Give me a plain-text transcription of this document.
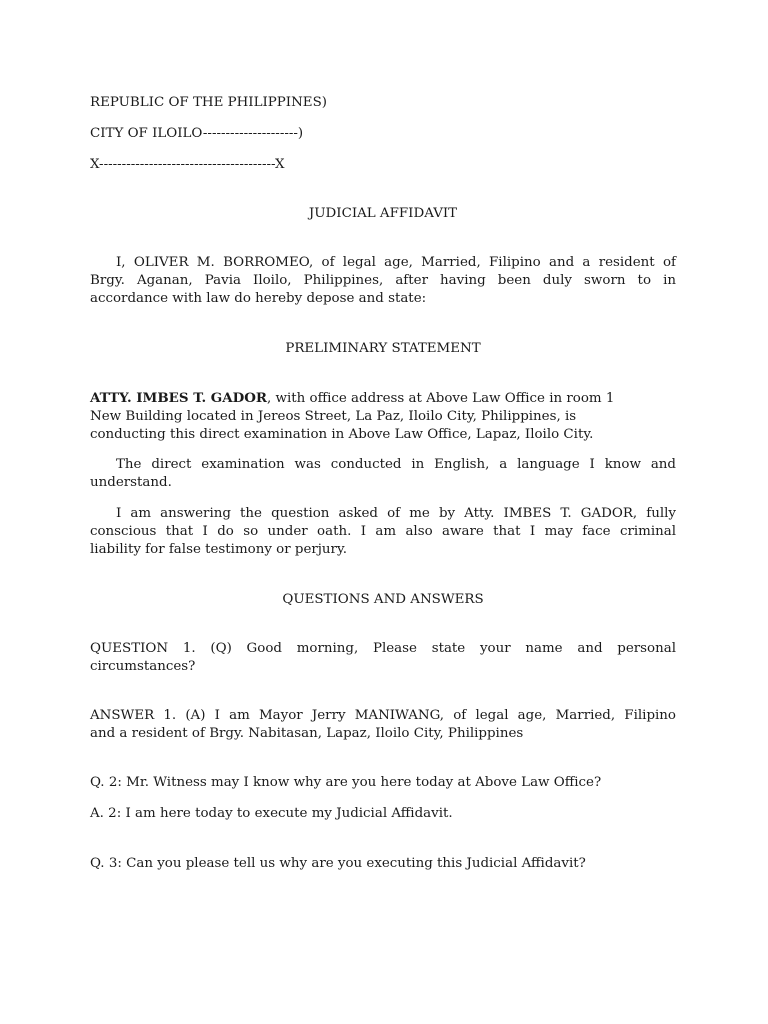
REPUBLIC OF THE PHILIPPINES)
CITY OF ILOILO---------------------)
X---------------------------------------X
JUDICIAL AFFIDAVIT
I, OLIVER M. BORROMEO, of legal age, Married, Filipino and a resident of
Brgy. Aganan, Pavia Iloilo, Philippines, after having been duly sworn to in
accordance with law do hereby depose and state:
PRELIMINARY STATEMENT
ATTY. IMBES T. GADOR, with office address at Above Law Office in room 1
New Building located in Jereos Street, La Paz, Iloilo City, Philippines, is
conducting this direct examination in Above Law Office, Lapaz, Iloilo City.
The direct examination was conducted in English, a language I know and
understand.
I am answering the question asked of me by Atty. IMBES T. GADOR, fully
conscious that I do so under oath. I am also aware that I may face criminal
liability for false testimony or perjury.
QUESTIONS AND ANSWERS
QUESTION 1. (Q) Good morning, Please state your name and personal
circumstances?
ANSWER 1. (A) I am Mayor Jerry MANIWANG, of legal age, Married, Filipino
and a resident of Brgy. Nabitasan, Lapaz, Iloilo City, Philippines
Q. 2: Mr. Witness may I know why are you here today at Above Law Office?
A. 2: I am here today to execute my Judicial Affidavit.
Q. 3: Can you please tell us why are you executing this Judicial Affidavit?
